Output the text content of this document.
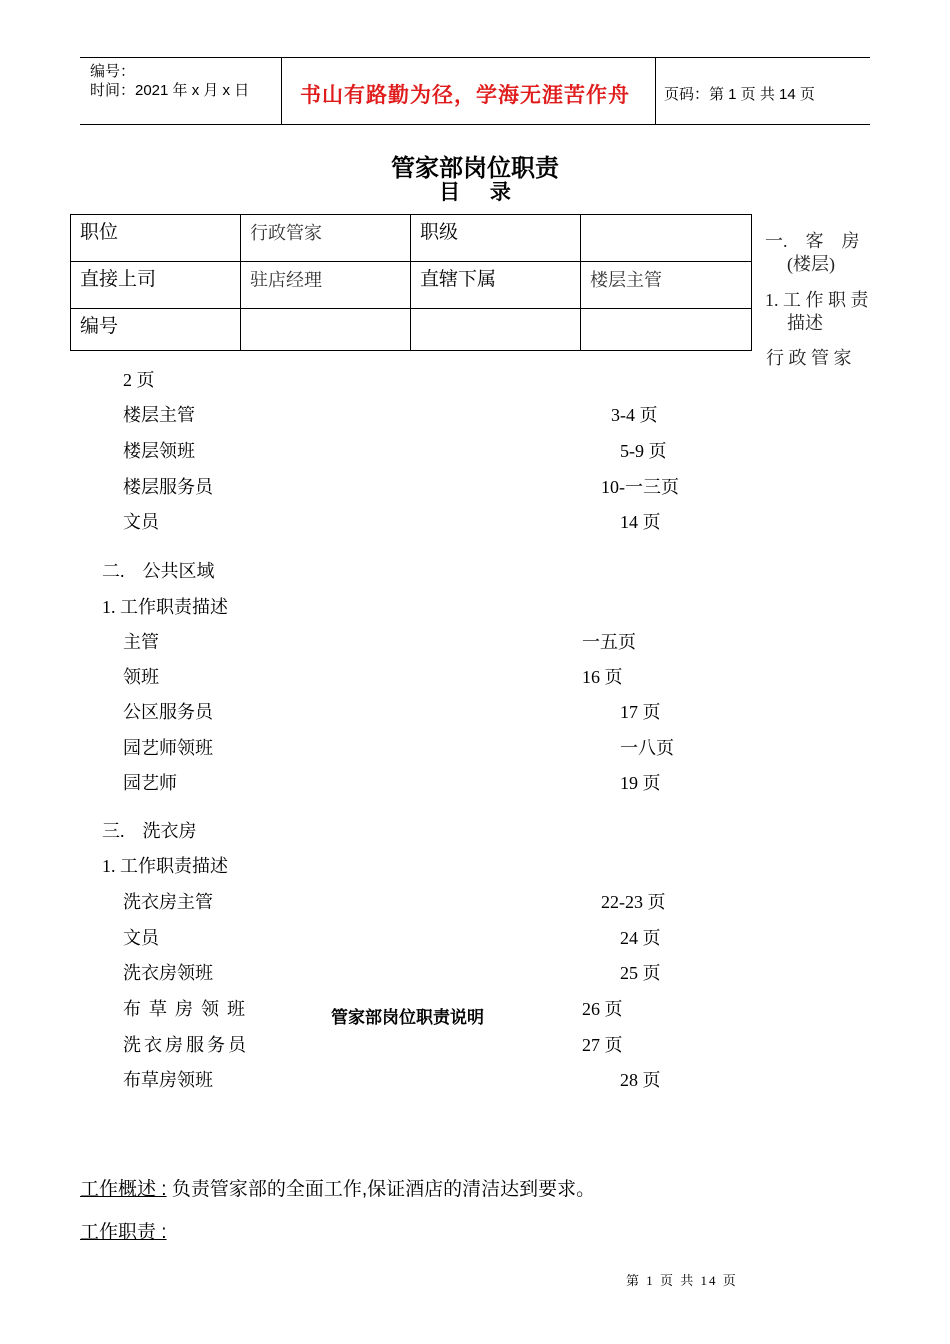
编号：
时间：2021 年 x 月 x 日 书山有路勤为径，学海无涯苦作舟 页码：第 1 页 共 14 页
管家部岗位职责
目 录
职位	行政管家	职级	
直接上司	驻店经理	直辖下属	楼层主管
编号			
一.    客    房
(楼层)
1. 工 作 职 责
描述
行 政 管 家
2 页
楼层主管	3-4 页
楼层领班	5-9 页
楼层服务员	10-一三页
文员	14 页
二.    公共区域
1. 工作职责描述
主管	一五页
领班	16 页
公区服务员	17 页
园艺师领班	一八页
园艺师	19 页
三.    洗衣房
1. 工作职责描述
洗衣房主管	22-23 页
文员	24 页
洗衣房领班	25 页
布草房领班	26 页
洗衣房服务员	27 页
布草房领班	28 页
管家部岗位职责说明
工作概述 : 负责管家部的全面工作,保证酒店的清洁达到要求。
工作职责 :
第 1 页 共 14 页
